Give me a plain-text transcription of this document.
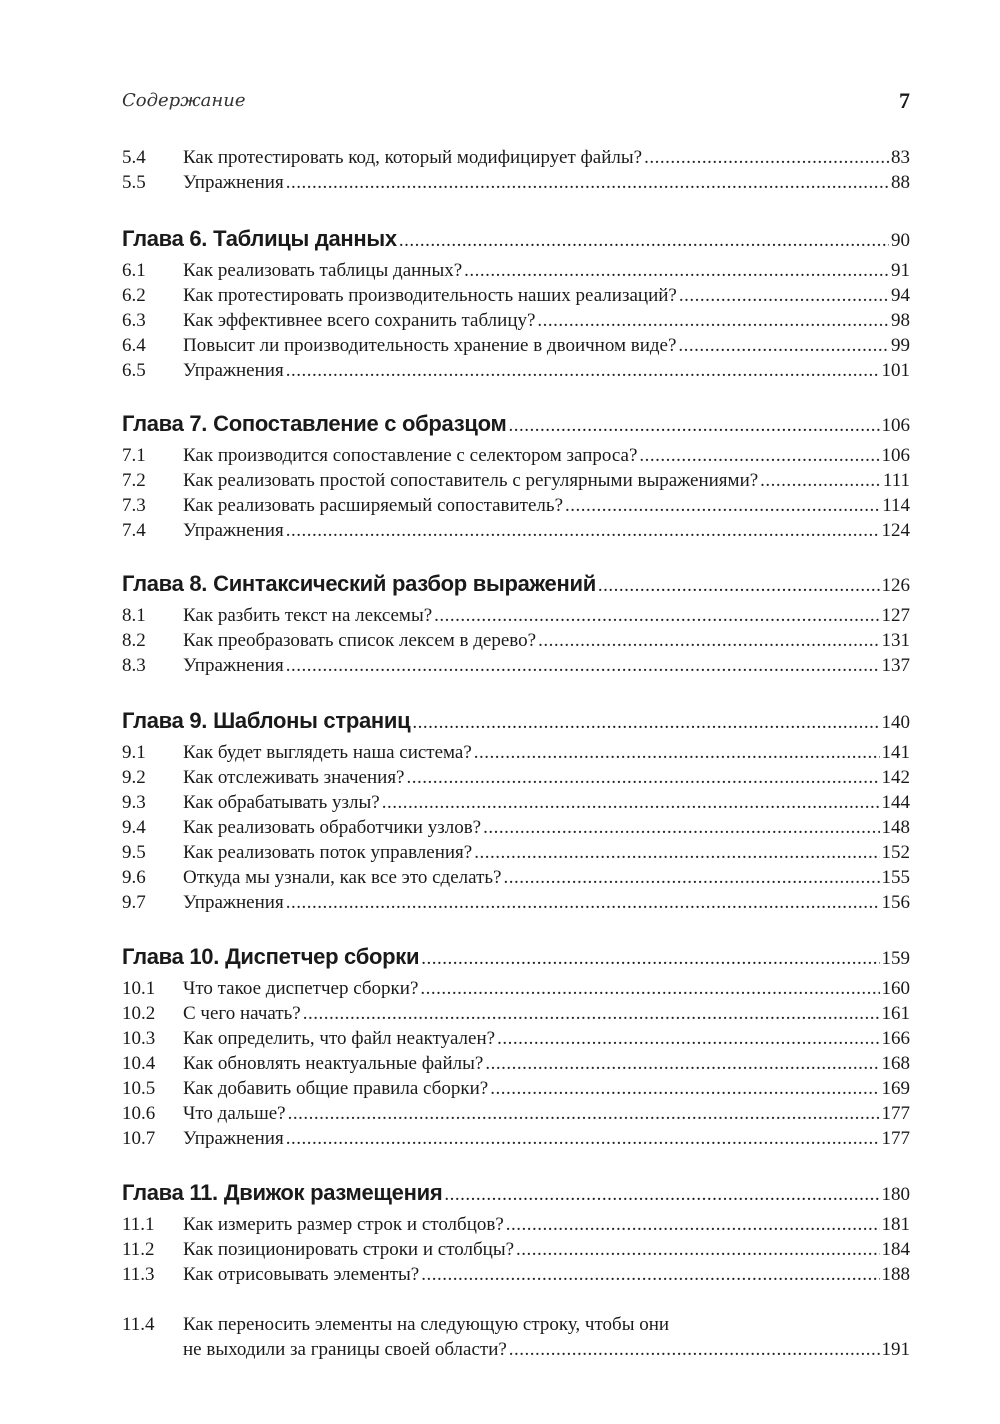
Содержание	7
5.4	Как протестировать код, который модифицирует файлы? .....	83
5.5	Упражнения .....	88
Глава 6. Таблицы данных .....	90
6.1	Как реализовать таблицы данных? .....	91
6.2	Как протестировать производительность наших реализаций? .....	94
6.3	Как эффективнее всего сохранить таблицу? .....	98
6.4	Повысит ли производительность хранение в двоичном виде? .....	99
6.5	Упражнения .....	101
Глава 7. Сопоставление с образцом .....	106
7.1	Как производится сопоставление с селектором запроса? .....	106
7.2	Как реализовать простой сопоставитель с регулярными выражениями? .....	111
7.3	Как реализовать расширяемый сопоставитель? .....	114
7.4	Упражнения .....	124
Глава 8. Синтаксический разбор выражений .....	126
8.1	Как разбить текст на лексемы? .....	127
8.2	Как преобразовать список лексем в дерево? .....	131
8.3	Упражнения .....	137
Глава 9. Шаблоны страниц .....	140
9.1	Как будет выглядеть наша система? .....	141
9.2	Как отслеживать значения? .....	142
9.3	Как обрабатывать узлы? .....	144
9.4	Как реализовать обработчики узлов? .....	148
9.5	Как реализовать поток управления? .....	152
9.6	Откуда мы узнали, как все это сделать? .....	155
9.7	Упражнения .....	156
Глава 10. Диспетчер сборки .....	159
10.1	Что такое диспетчер сборки? .....	160
10.2	С чего начать? .....	161
10.3	Как определить, что файл неактуален? .....	166
10.4	Как обновлять неактуальные файлы? .....	168
10.5	Как добавить общие правила сборки? .....	169
10.6	Что дальше? .....	177
10.7	Упражнения .....	177
Глава 11. Движок размещения .....	180
11.1	Как измерить размер строк и столбцов? .....	181
11.2	Как позиционировать строки и столбцы? .....	184
11.3	Как отрисовывать элементы? .....	188
11.4	Как переносить элементы на следующую строку, чтобы они
не выходили за границы своей области? .....	191
